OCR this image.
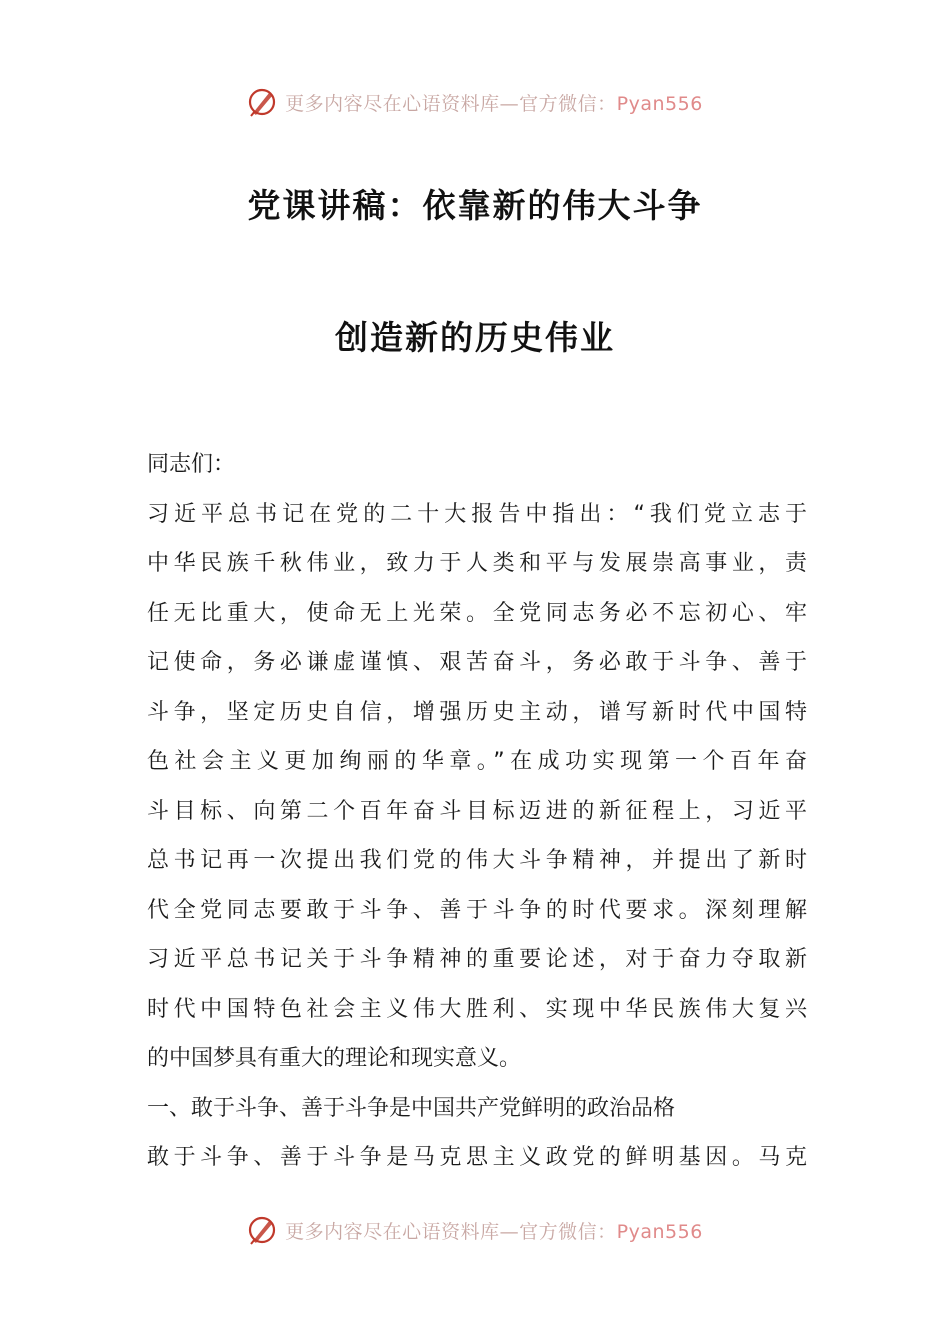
更多内容尽在心语资料库—官方微信：Pyan556
党课讲稿：依靠新的伟大斗争
创造新的历史伟业
同志们：
习近平总书记在党的二十大报告中指出：“我们党立志于
中华民族千秋伟业，致力于人类和平与发展崇高事业，责
任无比重大，使命无上光荣。全党同志务必不忘初心、牢
记使命，务必谦虚谨慎、艰苦奋斗，务必敢于斗争、善于
斗争，坚定历史自信，增强历史主动，谱写新时代中国特
色社会主义更加绚丽的华章。”在成功实现第一个百年奋
斗目标、向第二个百年奋斗目标迈进的新征程上，习近平
总书记再一次提出我们党的伟大斗争精神，并提出了新时
代全党同志要敢于斗争、善于斗争的时代要求。深刻理解
习近平总书记关于斗争精神的重要论述，对于奋力夺取新
时代中国特色社会主义伟大胜利、实现中华民族伟大复兴
的中国梦具有重大的理论和现实意义。
一、敢于斗争、善于斗争是中国共产党鲜明的政治品格
敢于斗争、善于斗争是马克思主义政党的鲜明基因。马克
更多内容尽在心语资料库—官方微信：Pyan556
